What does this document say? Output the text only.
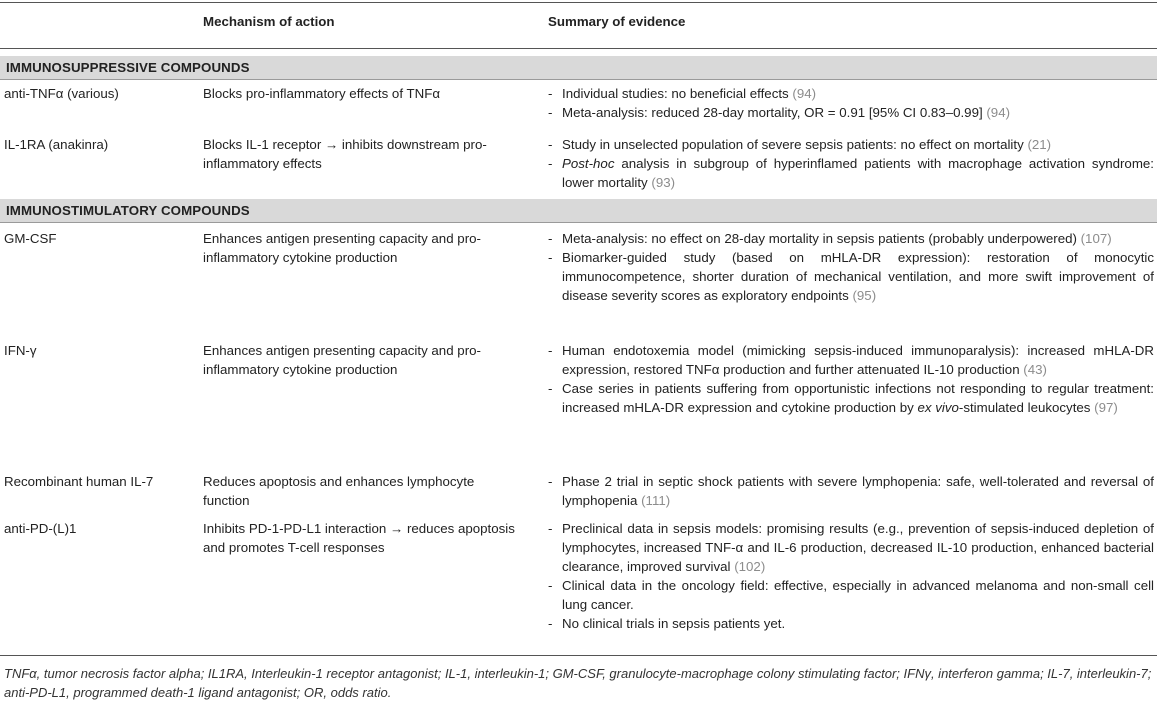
Mechanism of action	Summary of evidence
IMMUNOSUPPRESSIVE COMPOUNDS
anti-TNFα (various)	Blocks pro-inflammatory effects of TNFα
-	Individual studies: no beneficial effects (94)
- Meta-analysis: reduced 28-day mortality, OR = 0.91 [95% CI 0.83–0.99] (94)
IL-1RA (anakinra)	Blocks IL-1 receptor → inhibits downstream pro-inflammatory effects
- Study in unselected population of severe sepsis patients: no effect on mortality (21)
- Post-hoc analysis in subgroup of hyperinflamed patients with macrophage activation syndrome: lower mortality (93)
IMMUNOSTIMULATORY COMPOUNDS
GM-CSF	Enhances antigen presenting capacity and pro-inflammatory cytokine production
- Meta-analysis: no effect on 28-day mortality in sepsis patients (probably underpowered) (107)
- Biomarker-guided study (based on mHLA-DR expression): restoration of monocytic immunocompetence, shorter duration of mechanical ventilation, and more swift improvement of disease severity scores as exploratory endpoints (95)
IFN-γ	Enhances antigen presenting capacity and pro-inflammatory cytokine production
- Human endotoxemia model (mimicking sepsis-induced immunoparalysis): increased mHLA-DR expression, restored TNFα production and further attenuated IL-10 production (43)
- Case series in patients suffering from opportunistic infections not responding to regular treatment: increased mHLA-DR expression and cytokine production by ex vivo-stimulated leukocytes (97)
Recombinant human IL-7	Reduces apoptosis and enhances lymphocyte function
- Phase 2 trial in septic shock patients with severe lymphopenia: safe, well-tolerated and reversal of lymphopenia (111)
anti-PD-(L)1	Inhibits PD-1-PD-L1 interaction → reduces apoptosis and promotes T-cell responses
- Preclinical data in sepsis models: promising results (e.g., prevention of sepsis-induced depletion of lymphocytes, increased TNF-α and IL-6 production, decreased IL-10 production, enhanced bacterial clearance, improved survival (102)
- Clinical data in the oncology field: effective, especially in advanced melanoma and non-small cell lung cancer.
- No clinical trials in sepsis patients yet.
TNFα, tumor necrosis factor alpha; IL1RA, Interleukin-1 receptor antagonist; IL-1, interleukin-1; GM-CSF, granulocyte-macrophage colony stimulating factor; IFNγ, interferon gamma; IL-7, interleukin-7; anti-PD-L1, programmed death-1 ligand antagonist; OR, odds ratio.
